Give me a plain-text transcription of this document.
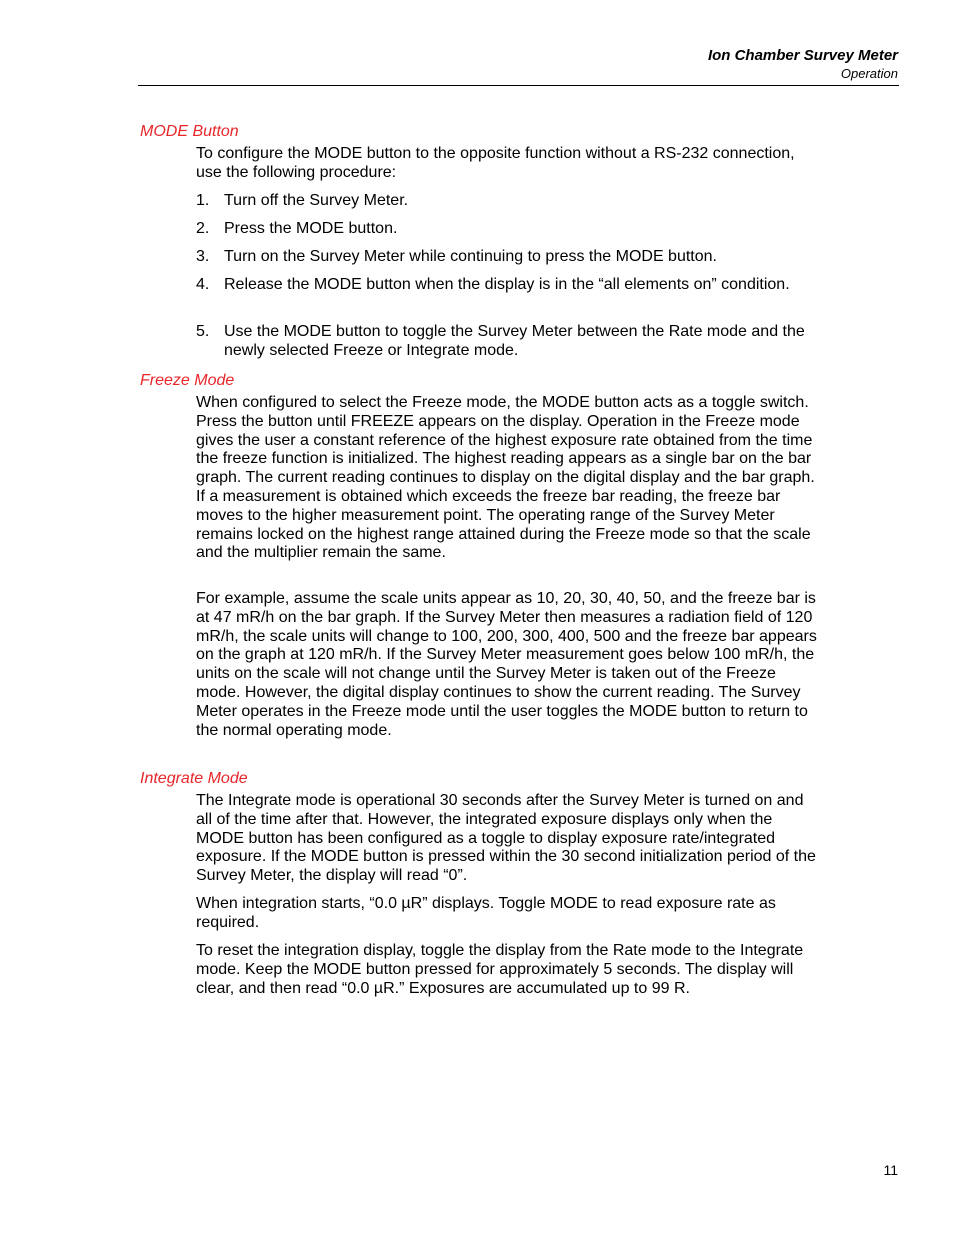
Ion Chamber Survey Meter
Operation
MODE Button

To configure the MODE button to the opposite function without a RS-232 connection, use the following procedure:

1. Turn off the Survey Meter.
2. Press the MODE button.
3. Turn on the Survey Meter while continuing to press the MODE button.
4. Release the MODE button when the display is in the “all elements on” condition.
5. Use the MODE button to toggle the Survey Meter between the Rate mode and the newly selected Freeze or Integrate mode.
Freeze Mode

When configured to select the Freeze mode, the MODE button acts as a toggle switch. Press the button until FREEZE appears on the display. Operation in the Freeze mode gives the user a constant reference of the highest exposure rate obtained from the time the freeze function is initialized. The highest reading appears as a single bar on the bar graph. The current reading continues to display on the digital display and the bar graph. If a measurement is obtained which exceeds the freeze bar reading, the freeze bar moves to the higher measurement point. The operating range of the Survey Meter remains locked on the highest range attained during the Freeze mode so that the scale and the multiplier remain the same.

For example, assume the scale units appear as 10, 20, 30, 40, 50, and the freeze bar is at 47 mR/h on the bar graph. If the Survey Meter then measures a radiation field of 120 mR/h, the scale units will change to 100, 200, 300, 400, 500 and the freeze bar appears on the graph at 120 mR/h. If the Survey Meter measurement goes below 100 mR/h, the units on the scale will not change until the Survey Meter is taken out of the Freeze mode. However, the digital display continues to show the current reading. The Survey Meter operates in the Freeze mode until the user toggles the MODE button to return to the normal operating mode.

Integrate Mode

The Integrate mode is operational 30 seconds after the Survey Meter is turned on and all of the time after that. However, the integrated exposure displays only when the MODE button has been configured as a toggle to display exposure rate/integrated exposure. If the MODE button is pressed within the 30 second initialization period of the Survey Meter, the display will read “0”.

When integration starts, “0.0 µR” displays. Toggle MODE to read exposure rate as required.

To reset the integration display, toggle the display from the Rate mode to the Integrate mode. Keep the MODE button pressed for approximately 5 seconds. The display will clear, and then read “0.0 µR.” Exposures are accumulated up to 99 R.

11
